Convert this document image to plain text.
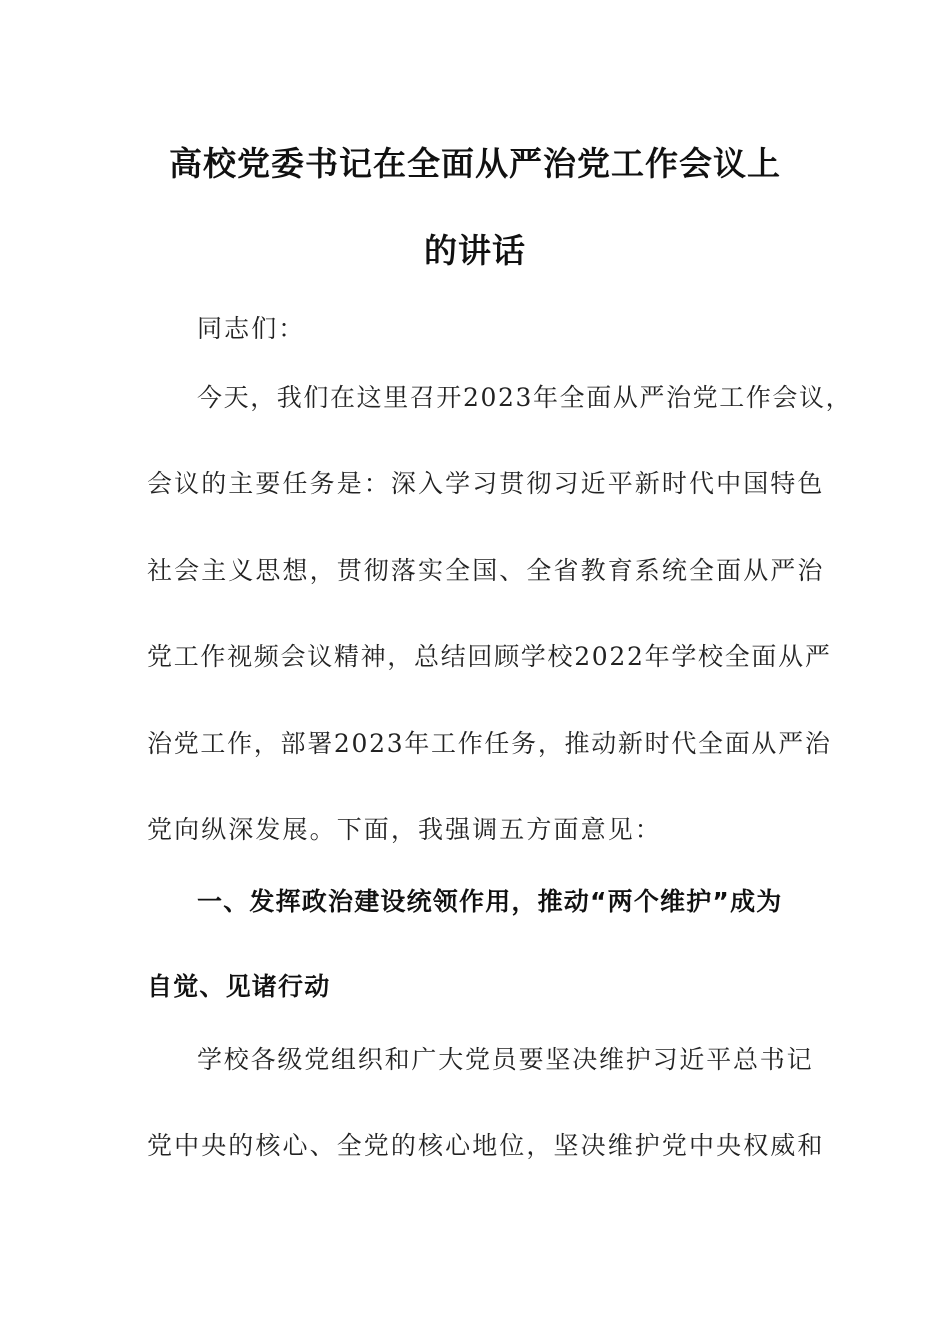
高校党委书记在全面从严治党工作会议上
的讲话
同志们：
今天，我们在这里召开2023年全面从严治党工作会议，
会议的主要任务是：深入学习贯彻习近平新时代中国特色
社会主义思想，贯彻落实全国、全省教育系统全面从严治
党工作视频会议精神，总结回顾学校2022年学校全面从严
治党工作，部署2023年工作任务，推动新时代全面从严治
党向纵深发展。下面，我强调五方面意见：
一、发挥政治建设统领作用，推动“两个维护”成为
自觉、见诸行动
学校各级党组织和广大党员要坚决维护习近平总书记
党中央的核心、全党的核心地位，坚决维护党中央权威和
